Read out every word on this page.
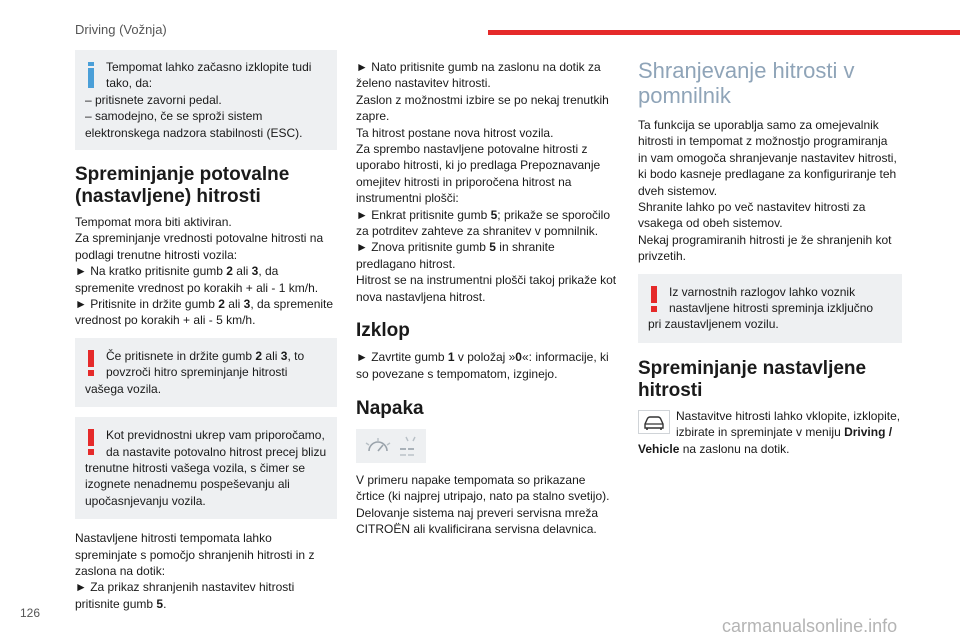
Driving (Vožnja)

Tempomat lahko začasno izklopite tudi

tako, da:

– pritisnete zavorni pedal.

– samodejno, če se sproži sistem

elektronskega nadzora stabilnosti (ESC).

Spreminjanje potovalne
(nastavljene) hitrosti

Tempomat mora biti aktiviran.

Za spreminjanje vrednosti potovalne hitrosti na

podlagi trenutne hitrosti vozila:

► Na kratko pritisnite gumb 2 ali 3, da

spremenite vrednost po korakih + ali - 1 km/h.

► Pritisnite in držite gumb 2 ali 3, da spremenite

vrednost po korakih + ali - 5 km/h.

Če pritisnete in držite gumb 2 ali 3, to

povzroči hitro spreminjanje hitrosti

vašega vozila.

Kot previdnostni ukrep vam priporočamo,

da nastavite potovalno hitrost precej blizu

trenutne hitrosti vašega vozila, s čimer se

izognete nenadnemu pospeševanju ali

upočasnjevanju vozila.

Nastavljene hitrosti tempomata lahko

spreminjate s pomočjo shranjenih hitrosti in z

zaslona na dotik:

► Za prikaz shranjenih nastavitev hitrosti

pritisnite gumb 5.

► Nato pritisnite gumb na zaslonu na dotik za

želeno nastavitev hitrosti.

Zaslon z možnostmi izbire se po nekaj trenutkih

zapre.

Ta hitrost postane nova hitrost vozila.

Za sprembo nastavljene potovalne hitrosti z

uporabo hitrosti, ki jo predlaga Prepoznavanje

omejitev hitrosti in priporočena hitrost na

instrumentni plošči:

► Enkrat pritisnite gumb 5; prikaže se sporočilo

za potrditev zahteve za shranitev v pomnilnik.

► Znova pritisnite gumb 5 in shranite

predlagano hitrost.

Hitrost se na instrumentni plošči takoj prikaže kot

nova nastavljena hitrost.

Izklop

► Zavrtite gumb 1 v položaj »0«: informacije, ki

so povezane s tempomatom, izginejo.

Napaka

V primeru napake tempomata so prikazane

črtice (ki najprej utripajo, nato pa stalno svetijo).

Delovanje sistema naj preveri servisna mreža

CITROËN ali kvalificirana servisna delavnica.

Shranjevanje hitrosti v
pomnilnik

Ta funkcija se uporablja samo za omejevalnik

hitrosti in tempomat z možnostjo programiranja

in vam omogoča shranjevanje nastavitev hitrosti,

ki bodo kasneje predlagane za konfiguriranje teh

dveh sistemov.

Shranite lahko po več nastavitev hitrosti za

vsakega od obeh sistemov.

Nekaj programiranih hitrosti je že shranjenih kot

privzetih.

Iz varnostnih razlogov lahko voznik

nastavljene hitrosti spreminja izključno

pri zaustavljenem vozilu.

Spreminjanje nastavljene
hitrosti

Nastavitve hitrosti lahko vklopite, izklopite,

izbirate in spreminjate v meniju Driving /

Vehicle na zaslonu na dotik.

126
carmanualsonline.info
